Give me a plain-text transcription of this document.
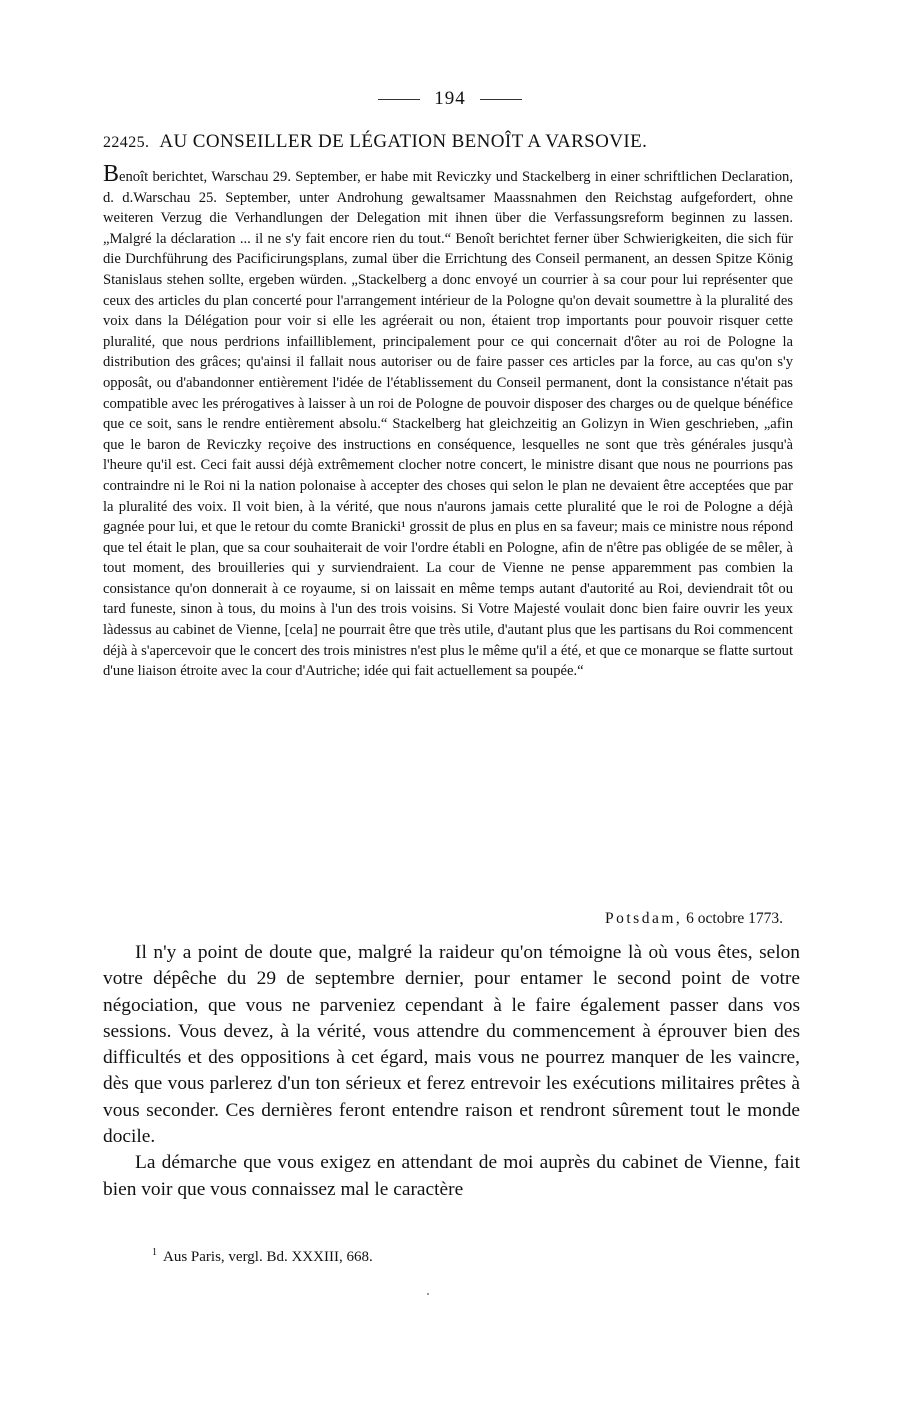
194
22425. AU CONSEILLER DE LÉGATION BENOÎT A VARSOVIE.
Benoît berichtet, Warschau 29. September, er habe mit Reviczky und Stackelberg in einer schriftlichen Declaration, d. d.Warschau 25. September, unter Androhung gewaltsamer Maassnahmen den Reichstag aufgefordert, ohne weiteren Verzug die Verhandlungen der Delegation mit ihnen über die Verfassungsreform beginnen zu lassen. „Malgré la déclaration ... il ne s'y fait encore rien du tout.“ Benoît berichtet ferner über Schwierigkeiten, die sich für die Durchführung des Pacificirungsplans, zumal über die Errichtung des Conseil permanent, an dessen Spitze König Stanislaus stehen sollte, ergeben würden. „Stackelberg a donc envoyé un courrier à sa cour pour lui représenter que ceux des articles du plan concerté pour l'arrangement intérieur de la Pologne qu'on devait soumettre à la pluralité des voix dans la Délégation pour voir si elle les agréerait ou non, étaient trop importants pour pouvoir risquer cette pluralité, que nous perdrions infailliblement, principalement pour ce qui concernait d'ôter au roi de Pologne la distribution des grâces; qu'ainsi il fallait nous autoriser ou de faire passer ces articles par la force, au cas qu'on s'y opposât, ou d'abandonner entièrement l'idée de l'établissement du Conseil permanent, dont la consistance n'était pas compatible avec les prérogatives à laisser à un roi de Pologne de pouvoir disposer des charges ou de quelque bénéfice que ce soit, sans le rendre entièrement absolu.“ Stackelberg hat gleichzeitig an Golizyn in Wien geschrieben, „afin que le baron de Reviczky reçoive des instructions en conséquence, lesquelles ne sont que très générales jusqu'à l'heure qu'il est. Ceci fait aussi déjà extrêmement clocher notre concert, le ministre disant que nous ne pourrions pas contraindre ni le Roi ni la nation polonaise à accepter des choses qui selon le plan ne devaient être acceptées que par la pluralité des voix. Il voit bien, à la vérité, que nous n'aurons jamais cette pluralité que le roi de Pologne a déjà gagnée pour lui, et que le retour du comte Branicki¹ grossit de plus en plus en sa faveur; mais ce ministre nous répond que tel était le plan, que sa cour souhaiterait de voir l'ordre établi en Pologne, afin de n'être pas obligée de se mêler, à tout moment, des brouilleries qui y surviendraient. La cour de Vienne ne pense apparemment pas combien la consistance qu'on donnerait à ce royaume, si on laissait en même temps autant d'autorité au Roi, deviendrait tôt ou tard funeste, sinon à tous, du moins à l'un des trois voisins. Si Votre Majesté voulait donc bien faire ouvrir les yeux làdessus au cabinet de Vienne, [cela] ne pourrait être que très utile, d'autant plus que les partisans du Roi commencent déjà à s'apercevoir que le concert des trois ministres n'est plus le même qu'il a été, et que ce monarque se flatte surtout d'une liaison étroite avec la cour d'Autriche; idée qui fait actuellement sa poupée.“
Potsdam, 6 octobre 1773.

Il n'y a point de doute que, malgré la raideur qu'on témoigne là où vous êtes, selon votre dépêche du 29 de septembre dernier, pour entamer le second point de votre négociation, que vous ne parveniez cependant à le faire également passer dans vos sessions. Vous devez, à la vérité, vous attendre du commencement à éprouver bien des difficultés et des oppositions à cet égard, mais vous ne pourrez manquer de les vaincre, dès que vous parlerez d'un ton sérieux et ferez entrevoir les exécutions militaires prêtes à vous seconder. Ces dernières feront entendre raison et rendront sûrement tout le monde docile.

La démarche que vous exigez en attendant de moi auprès du cabinet de Vienne, fait bien voir que vous connaissez mal le caractère

$^1$ Aus Paris, vergl. Bd. XXXIII, 668.
